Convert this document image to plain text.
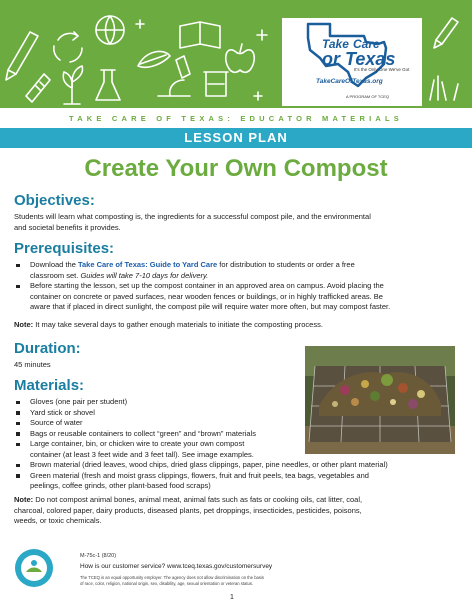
Take Care
or Texas
It's the Only One We've Got
TakeCareOfTexas.org
A PROGRAM OF TCEQ
TAKE CARE OF TEXAS: EDUCATOR MATERIALS
LESSON PLAN
Create Your Own Compost
Objectives:
Students will learn what composting is, the ingredients for a successful compost pile, and the environmental
and societal benefits it provides.
Prerequisites:
Download the Take Care of Texas: Guide to Yard Care for distribution to students or order a free
classroom set. Guides will take 7-10 days for delivery.
Before starting the lesson, set up the compost container in an approved area on campus. Avoid placing the
container on concrete or paved surfaces, near wooden fences or buildings, or in highly trafficked areas. Be
aware that if placed in direct sunlight, the compost pile will require water more often, but may compost faster.
Note: It may take several days to gather enough materials to initiate the composting process.
Duration:
45 minutes
Materials:
Gloves (one pair per student)
Yard stick or shovel
Source of water
Bags or reusable containers to collect “green” and “brown” materials
Large container, bin, or chicken wire to create your own compost
container (at least 3 feet wide and 3 feet tall). See image examples.
Brown material (dried leaves, wood chips, dried glass clippings, paper, pine needles, or other plant material)
Green material (fresh and moist grass clippings, flowers, fruit and fruit peels, tea bags, vegetables and
peelings, coffee grinds, other plant-based food scraps)
Note: Do not compost animal bones, animal meat, animal fats such as fats or cooking oils, cat litter, coal,
charcoal, colored paper, dairy products, diseased plants, pet droppings, insecticides, pesticides, poisons,
weeds, or toxic chemicals.
M-75c-1 (8/20)
How is our customer service? www.tceq.texas.gov/customersurvey
The TCEQ is an equal opportunity employer. The agency does not allow discrimination on the basis
of race, color, religion, national origin, sex, disability, age, sexual orientation or veteran status.
1
